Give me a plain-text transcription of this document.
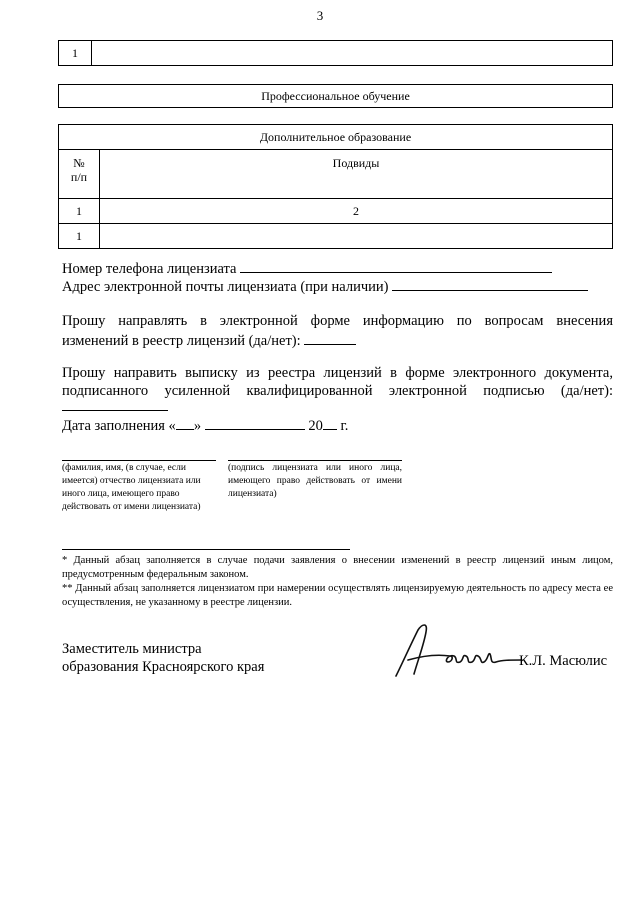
3
1	
Профессиональное обучение
Дополнительное образование	
№
п/п	Подвиды
1	2
1	
Номер телефона лицензиата
Адрес электронной почты лицензиата (при наличии)
Прошу направлять в электронной форме информацию по вопросам внесения
изменений в реестр лицензий (да/нет):
Прошу направить выписку из реестра лицензий в форме электронного документа,
подписанного усиленной квалифицированной электронной подписью (да/нет):
Дата заполнения « »	20 г.
(фамилия, имя, (в случае, если имеется) отчество лицензиата или иного лица, имеющего право действовать от имени лицензиата)
(подпись лицензиата или иного лица, имеющего право действовать от имени лицензиата)
* Данный абзац заполняется в случае подачи заявления о внесении изменений в реестр лицензий иным лицом, предусмотренным федеральным законом.
** Данный абзац заполняется лицензиатом при намерении осуществлять лицензируемую деятельность по адресу места ее осуществления, не указанному в реестре лицензии.
Заместитель министра
образования Красноярского края	К.Л. Масюлис
